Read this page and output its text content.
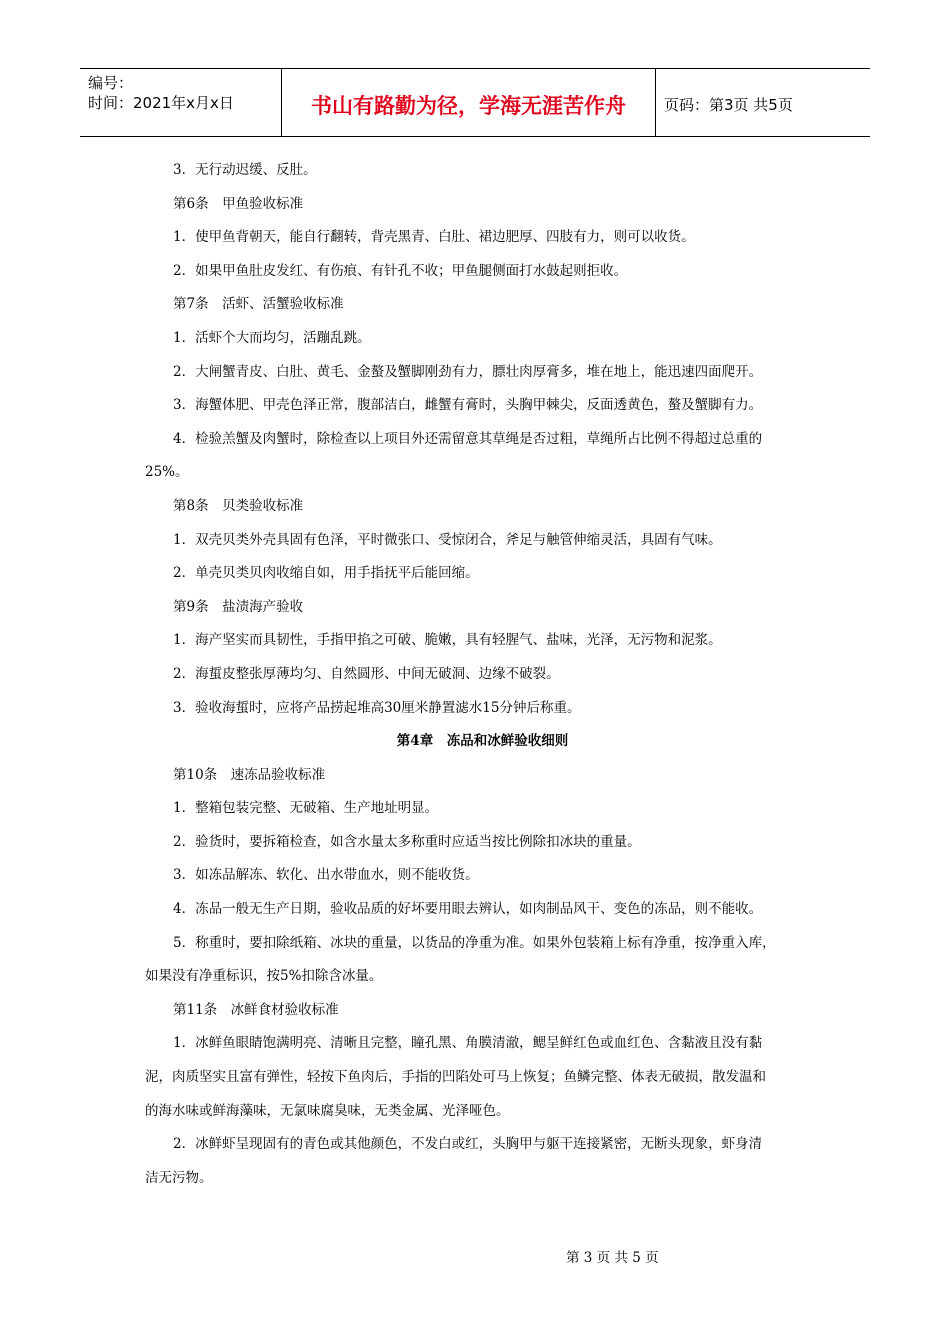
编号：
时间：2021年x月x日	书山有路勤为径，学海无涯苦作舟	页码：第3页 共5页

3．无行动迟缓、反肚。

第6条　甲鱼验收标准

1．使甲鱼背朝天，能自行翻转，背壳黑青、白肚、裙边肥厚、四肢有力，则可以收货。

2．如果甲鱼肚皮发红、有伤痕、有针孔不收；甲鱼腿侧面打水鼓起则拒收。

第7条　活虾、活蟹验收标准

1．活虾个大而均匀，活蹦乱跳。

2．大闸蟹青皮、白肚、黄毛、金螯及蟹脚刚劲有力，膘壮肉厚膏多，堆在地上，能迅速四面爬开。

3．海蟹体肥、甲壳色泽正常，腹部洁白，雌蟹有膏时，头胸甲棘尖，反面透黄色，螯及蟹脚有力。

4．检验羔蟹及肉蟹时，除检查以上项目外还需留意其草绳是否过粗，草绳所占比例不得超过总重的

25%。

第8条　贝类验收标准

1．双壳贝类外壳具固有色泽，平时微张口、受惊闭合，斧足与触管伸缩灵活，具固有气味。

2．单壳贝类贝肉收缩自如，用手指抚平后能回缩。

第9条　盐渍海产验收

1．海产坚实而具韧性，手指甲掐之可破、脆嫩，具有轻腥气、盐味，光泽，无污物和泥浆。

2．海蜇皮整张厚薄均匀、自然圆形、中间无破洞、边缘不破裂。

3．验收海蜇时，应将产品捞起堆高30厘米静置滤水15分钟后称重。

第4章　冻品和冰鲜验收细则

第10条　速冻品验收标准

1．整箱包装完整、无破箱、生产地址明显。

2．验货时，要拆箱检查，如含水量太多称重时应适当按比例除扣冰块的重量。

3．如冻品解冻、软化、出水带血水，则不能收货。

4．冻品一般无生产日期，验收品质的好坏要用眼去辨认，如肉制品风干、变色的冻品，则不能收。

5．称重时，要扣除纸箱、冰块的重量，以货品的净重为准。如果外包装箱上标有净重，按净重入库，

如果没有净重标识，按5%扣除含冰量。

第11条　冰鲜食材验收标准

1．冰鲜鱼眼睛饱满明亮、清晰且完整，瞳孔黑、角膜清澈，鳃呈鲜红色或血红色、含黏液且没有黏

泥，肉质坚实且富有弹性，轻按下鱼肉后，手指的凹陷处可马上恢复；鱼鳞完整、体表无破损，散发温和

的海水味或鲜海藻味，无氯味腐臭味，无类金属、光泽哑色。

2．冰鲜虾呈现固有的青色或其他颜色，不发白或红，头胸甲与躯干连接紧密，无断头现象，虾身清

洁无污物。

第 3 页 共 5 页
